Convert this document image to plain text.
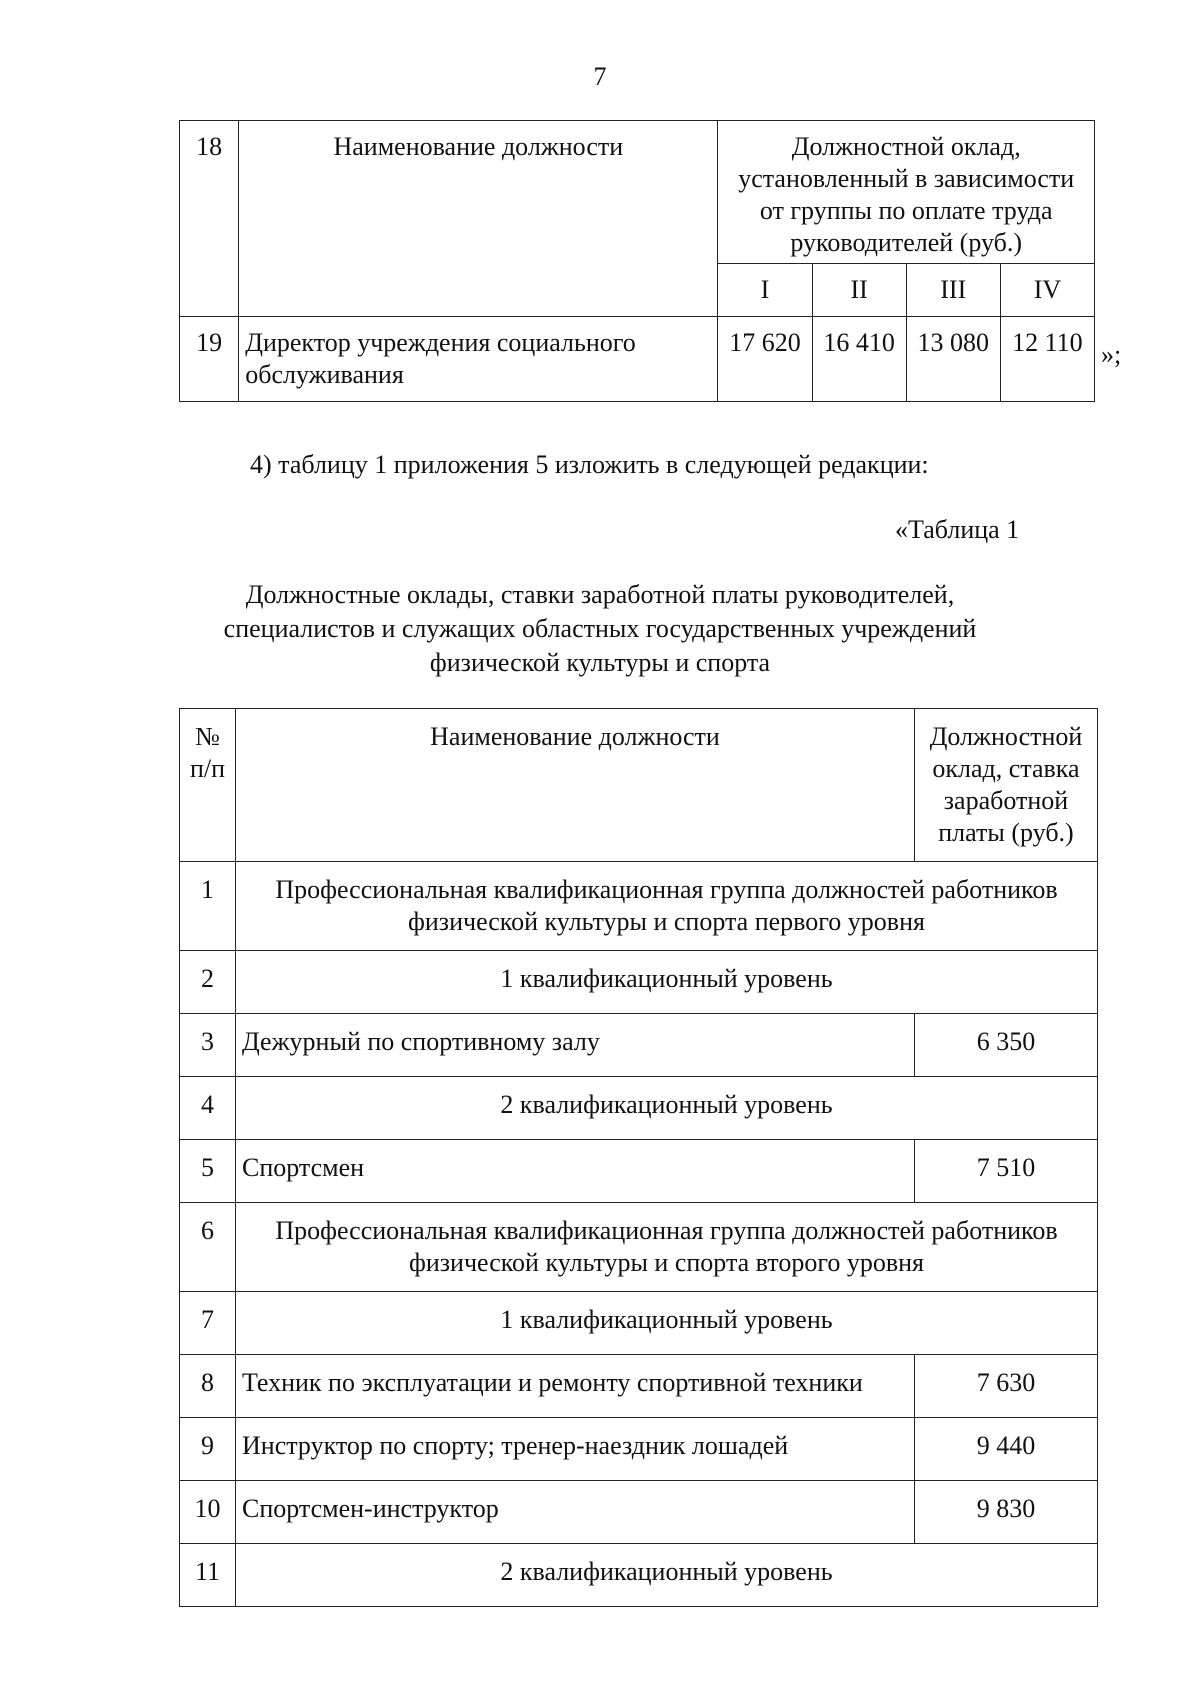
7
18	Наименование должности	Должностной оклад, установленный в зависимости от группы по оплате труда руководителей (руб.)			
		I	II	III	IV
19	Директор учреждения социального обслуживания	17 620	16 410	13 080	12 110 »;
4) таблицу 1 приложения 5 изложить в следующей редакции:
«Таблица 1
Должностные оклады, ставки заработной платы руководителей,
специалистов и служащих областных государственных учреждений
физической культуры и спорта
№ п/п	Наименование должности	Должностной оклад, ставка заработной платы (руб.)
1	Профессиональная квалификационная группа должностей работников физической культуры и спорта первого уровня	
2	1 квалификационный уровень	
3	Дежурный по спортивному залу	6 350
4	2 квалификационный уровень	
5	Спортсмен	7 510
6	Профессиональная квалификационная группа должностей работников физической культуры и спорта второго уровня	
7	1 квалификационный уровень	
8	Техник по эксплуатации и ремонту спортивной техники	7 630
9	Инструктор по спорту; тренер-наездник лошадей	9 440
10	Спортсмен-инструктор	9 830
11	2 квалификационный уровень	
